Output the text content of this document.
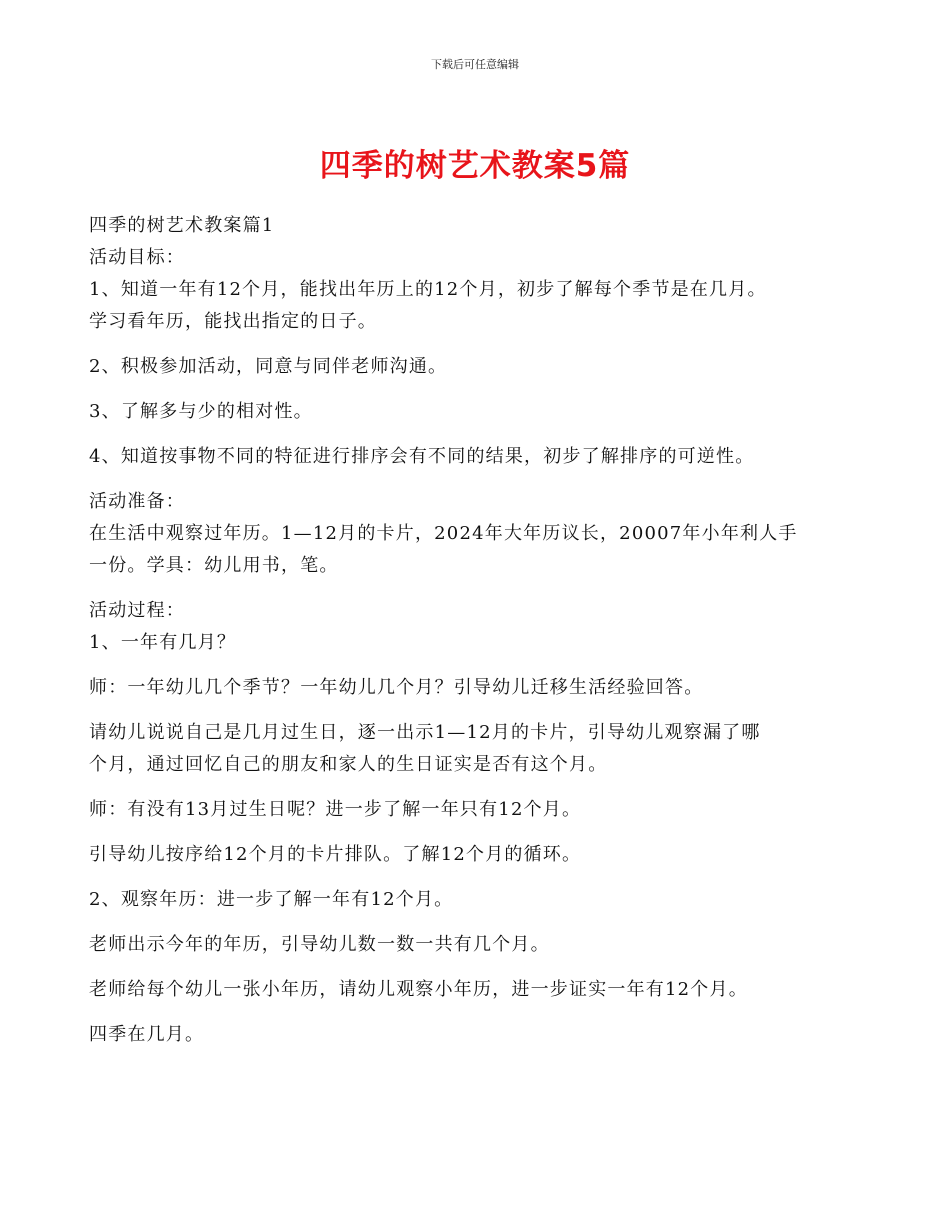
下载后可任意编辑
四季的树艺术教案5篇

四季的树艺术教案篇1

活动目标：

1、知道一年有12个月，能找出年历上的12个月，初步了解每个季节是在几月。

学习看年历，能找出指定的日子。

2、积极参加活动，同意与同伴老师沟通。

3、了解多与少的相对性。

4、知道按事物不同的特征进行排序会有不同的结果，初步了解排序的可逆性。

活动准备：

在生活中观察过年历。1—12月的卡片，2024年大年历议长，20007年小年利人手

一份。学具：幼儿用书，笔。

活动过程：

1、一年有几月？

师：一年幼儿几个季节？一年幼儿几个月？引导幼儿迁移生活经验回答。

请幼儿说说自己是几月过生日，逐一出示1—12月的卡片，引导幼儿观察漏了哪

个月，通过回忆自己的朋友和家人的生日证实是否有这个月。

师：有没有13月过生日呢？进一步了解一年只有12个月。

引导幼儿按序给12个月的卡片排队。了解12个月的循环。

2、观察年历：进一步了解一年有12个月。

老师出示今年的年历，引导幼儿数一数一共有几个月。

老师给每个幼儿一张小年历，请幼儿观察小年历，进一步证实一年有12个月。

四季在几月。
